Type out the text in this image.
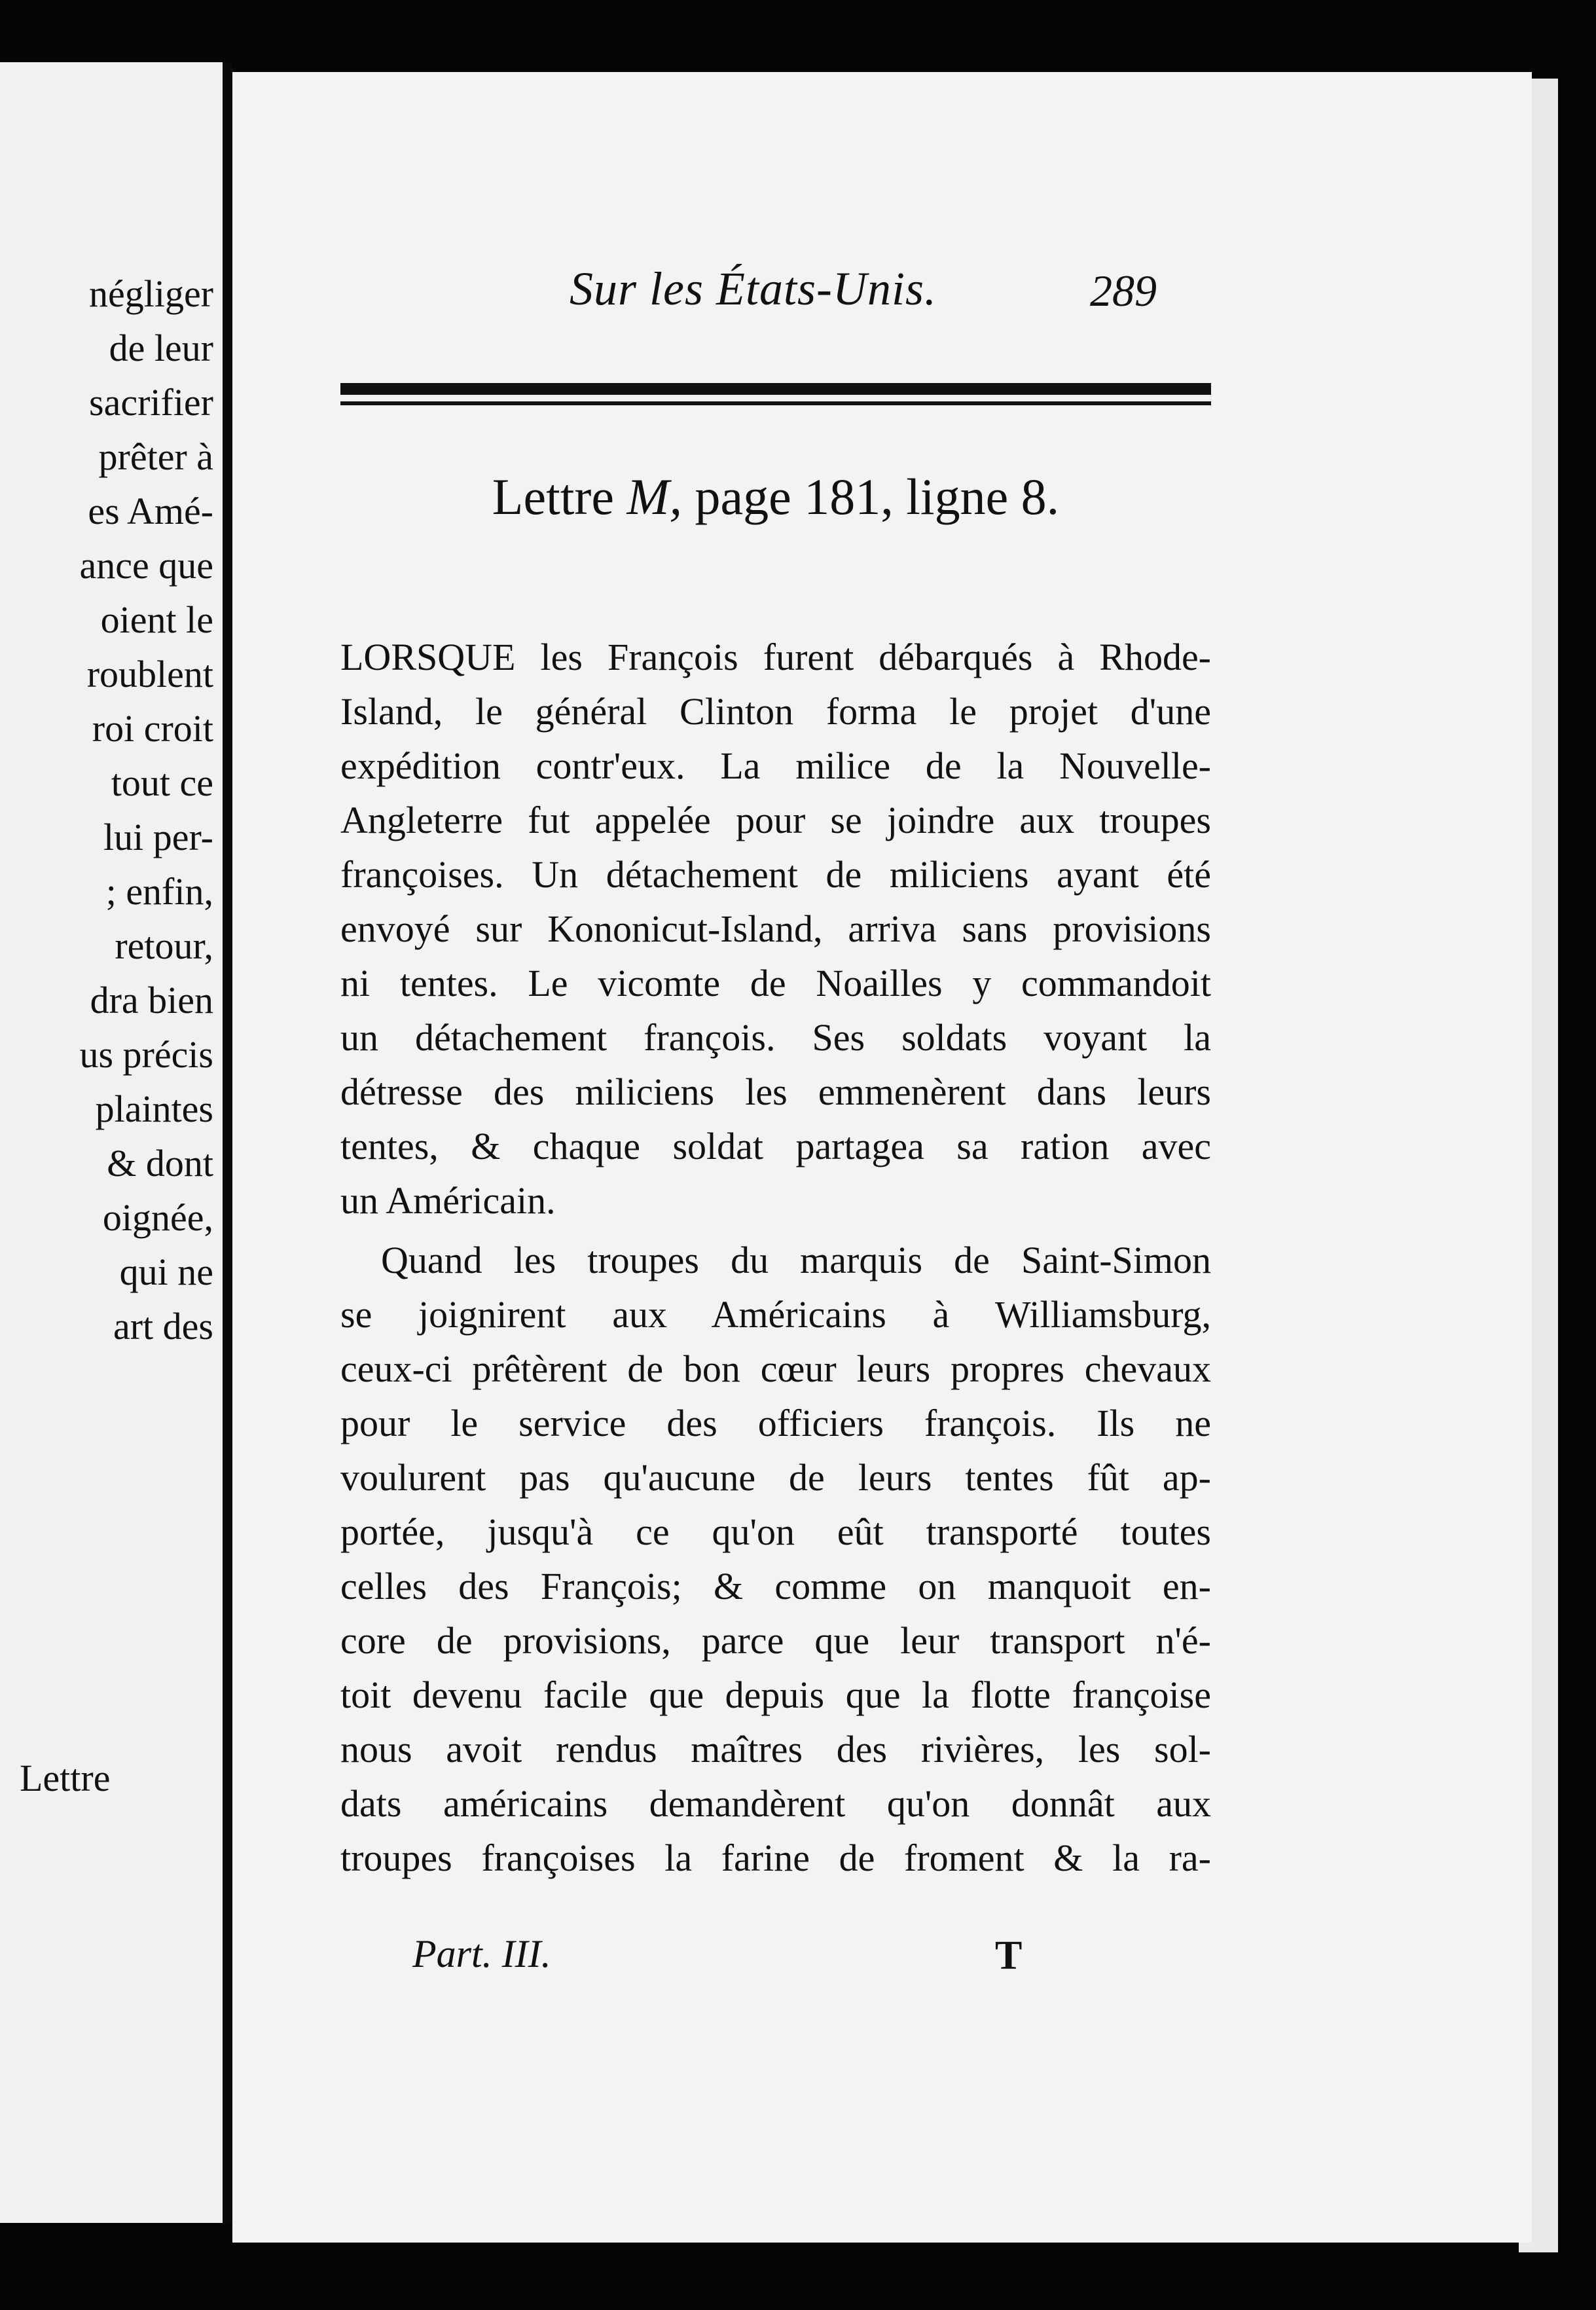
négliger
de leur
sacrifier
prêter à
es Amé-
ance que
oient le
roublent
roi croit
tout ce
lui per-
; enfin,
retour,
dra bien
us précis
plaintes
& dont
oignée,
qui ne
art des
Lettre
Sur les États-Unis.	289
Lettre M, page 181, ligne 8.
LORSQUE les François furent débarqués à Rhode-
Island, le général Clinton forma le projet d'une
expédition contr'eux. La milice de la Nouvelle-
Angleterre fut appelée pour se joindre aux troupes
françoises. Un détachement de miliciens ayant été
envoyé sur Kononicut-Island, arriva sans provisions
ni tentes. Le vicomte de Noailles y commandoit
un détachement françois. Ses soldats voyant la
détresse des miliciens les emmenèrent dans leurs
tentes, & chaque soldat partagea sa ration avec
un Américain.
Quand les troupes du marquis de Saint-Simon
se joignirent aux Américains à Williamsburg,
ceux-ci prêtèrent de bon cœur leurs propres chevaux
pour le service des officiers françois. Ils ne
voulurent pas qu'aucune de leurs tentes fût ap-
portée, jusqu'à ce qu'on eût transporté toutes
celles des François; & comme on manquoit en-
core de provisions, parce que leur transport n'é-
toit devenu facile que depuis que la flotte françoise
nous avoit rendus maîtres des rivières, les sol-
dats américains demandèrent qu'on donnât aux
troupes françoises la farine de froment & la ra-
Part. III.	T
